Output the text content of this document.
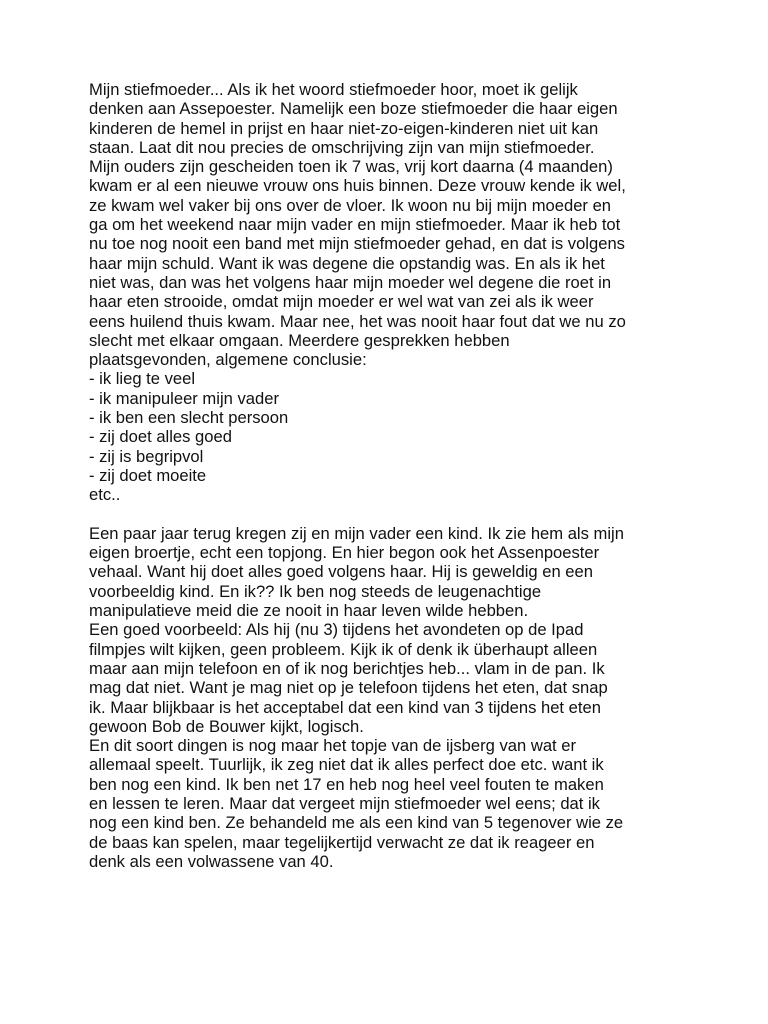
Mijn stiefmoeder... Als ik het woord stiefmoeder hoor, moet ik gelijk
denken aan Assepoester. Namelijk een boze stiefmoeder die haar eigen
kinderen de hemel in prijst en haar niet-zo-eigen-kinderen niet uit kan
staan. Laat dit nou precies de omschrijving zijn van mijn stiefmoeder.
Mijn ouders zijn gescheiden toen ik 7 was, vrij kort daarna (4 maanden)
kwam er al een nieuwe vrouw ons huis binnen. Deze vrouw kende ik wel,
ze kwam wel vaker bij ons over de vloer. Ik woon nu bij mijn moeder en
ga om het weekend naar mijn vader en mijn stiefmoeder. Maar ik heb tot
nu toe nog nooit een band met mijn stiefmoeder gehad, en dat is volgens
haar mijn schuld. Want ik was degene die opstandig was. En als ik het
niet was, dan was het volgens haar mijn moeder wel degene die roet in
haar eten strooide, omdat mijn moeder er wel wat van zei als ik weer
eens huilend thuis kwam. Maar nee, het was nooit haar fout dat we nu zo
slecht met elkaar omgaan. Meerdere gesprekken hebben
plaatsgevonden, algemene conclusie:
- ik lieg te veel
- ik manipuleer mijn vader
- ik ben een slecht persoon
- zij doet alles goed
- zij is begripvol
- zij doet moeite
etc..
Een paar jaar terug kregen zij en mijn vader een kind. Ik zie hem als mijn
eigen broertje, echt een topjong. En hier begon ook het Assenpoester
vehaal. Want hij doet alles goed volgens haar. Hij is geweldig en een
voorbeeldig kind. En ik?? Ik ben nog steeds de leugenachtige
manipulatieve meid die ze nooit in haar leven wilde hebben.
Een goed voorbeeld: Als hij (nu 3) tijdens het avondeten op de Ipad
filmpjes wilt kijken, geen probleem. Kijk ik of denk ik überhaupt alleen
maar aan mijn telefoon en of ik nog berichtjes heb... vlam in de pan. Ik
mag dat niet. Want je mag niet op je telefoon tijdens het eten, dat snap
ik. Maar blijkbaar is het acceptabel dat een kind van 3 tijdens het eten
gewoon Bob de Bouwer kijkt, logisch.
En dit soort dingen is nog maar het topje van de ijsberg van wat er
allemaal speelt. Tuurlijk, ik zeg niet dat ik alles perfect doe etc. want ik
ben nog een kind. Ik ben net 17 en heb nog heel veel fouten te maken
en lessen te leren. Maar dat vergeet mijn stiefmoeder wel eens; dat ik
nog een kind ben. Ze behandeld me als een kind van 5 tegenover wie ze
de baas kan spelen, maar tegelijkertijd verwacht ze dat ik reageer en
denk als een volwassene van 40.
